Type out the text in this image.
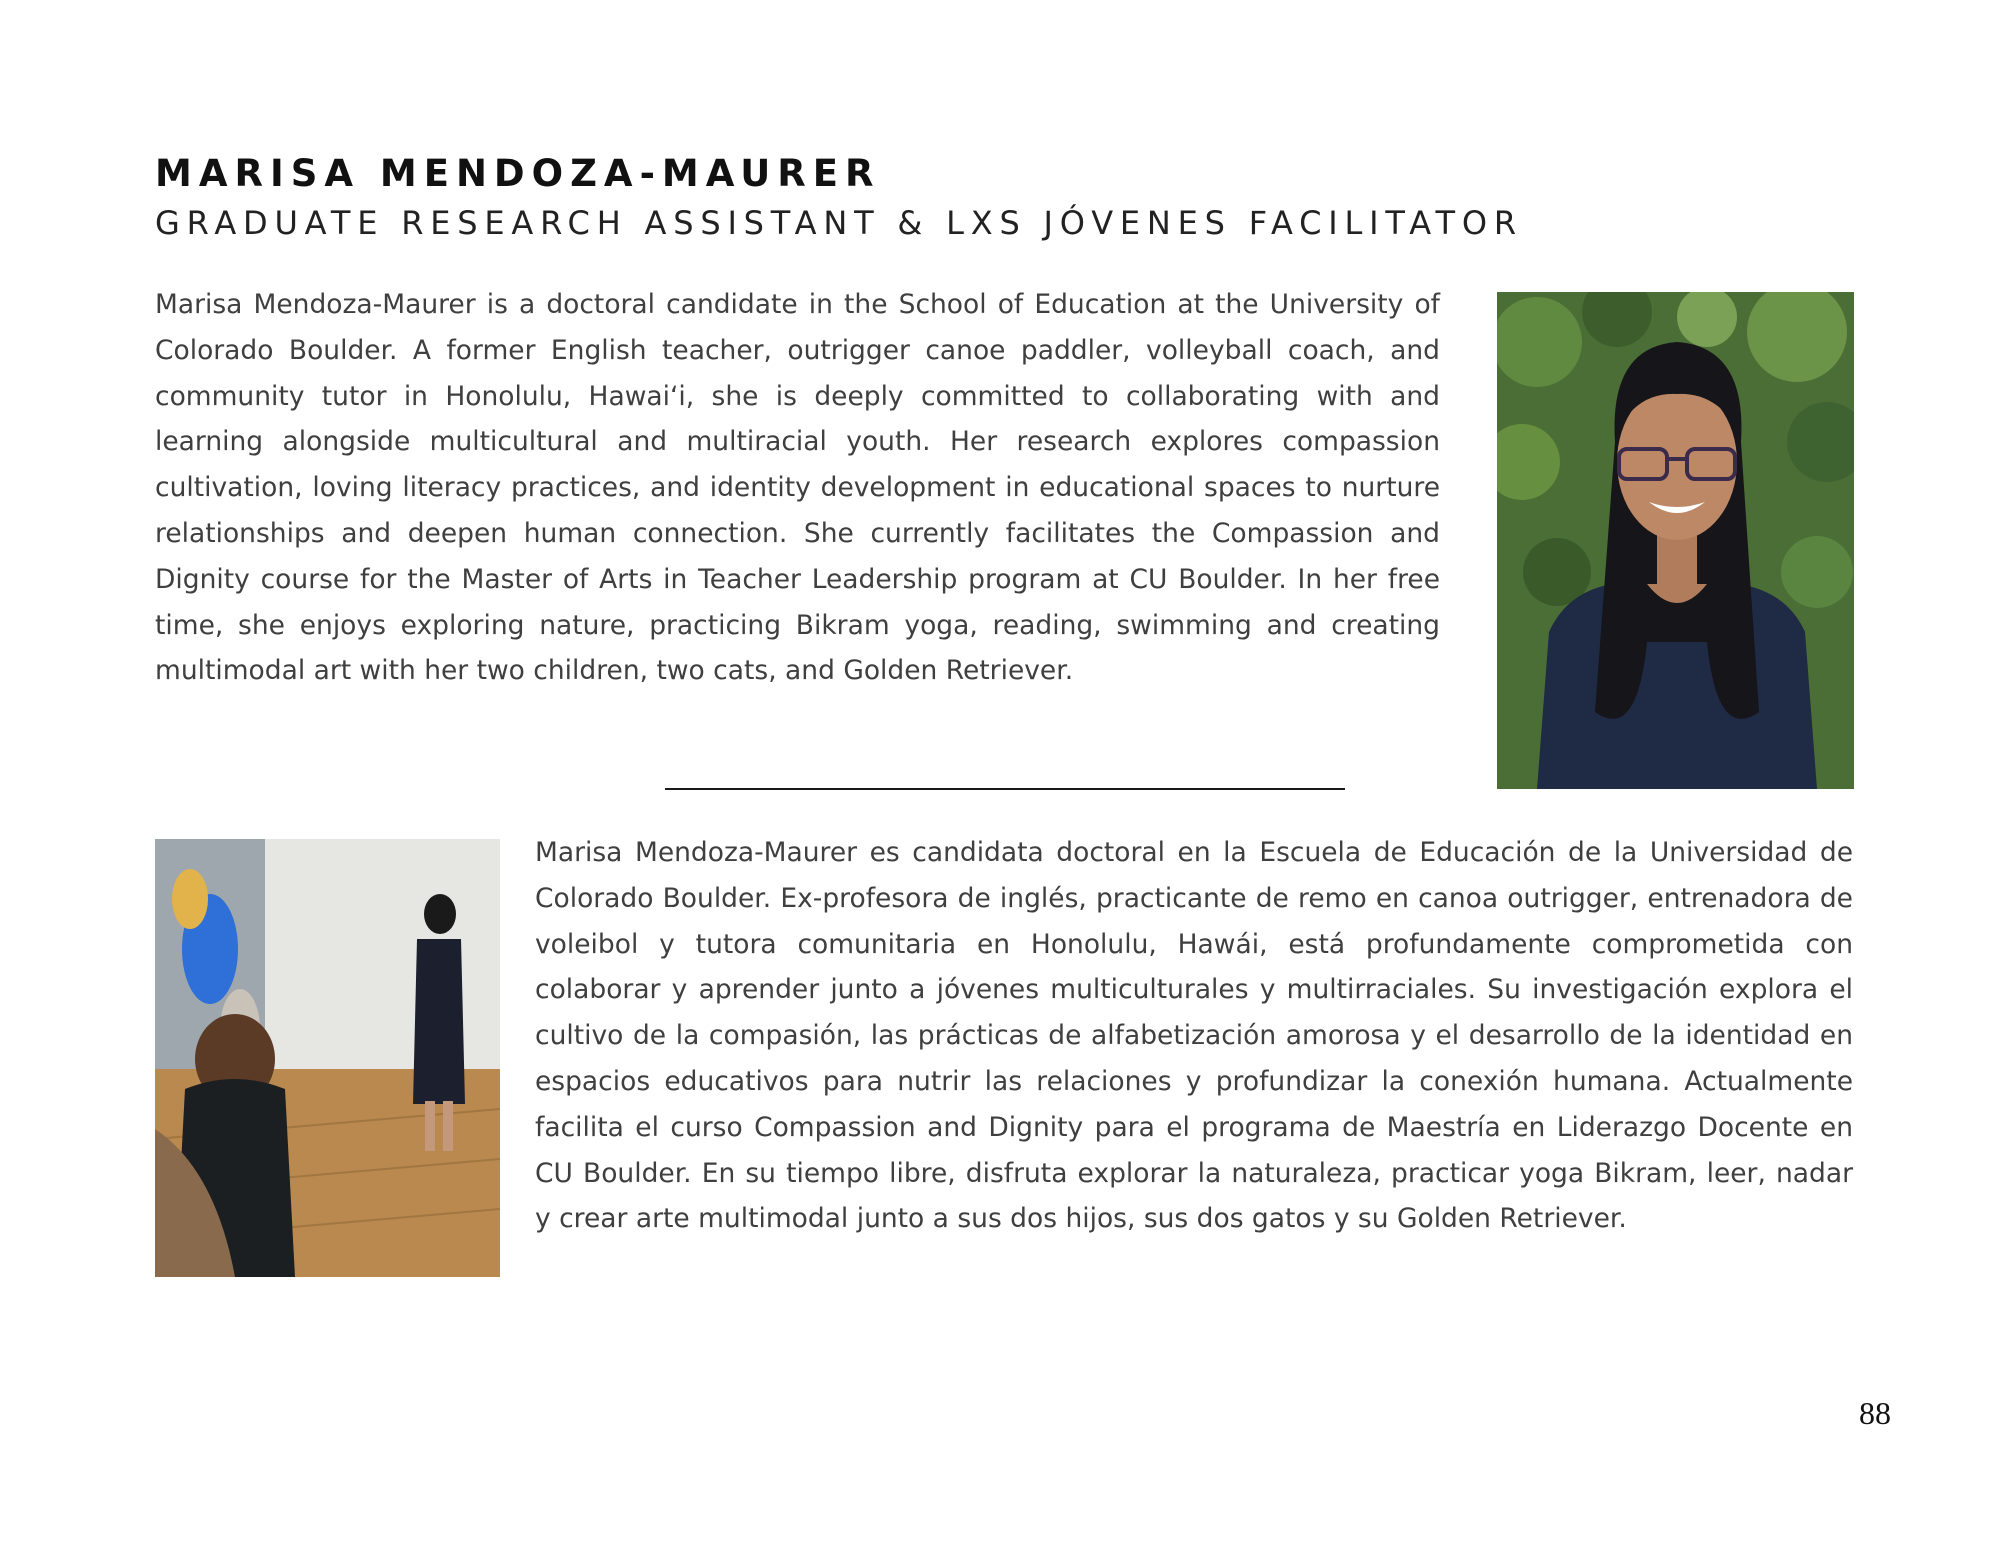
MARISA MENDOZA-MAURER
GRADUATE RESEARCH ASSISTANT & LXS JÓVENES FACILITATOR

Marisa Mendoza-Maurer is a doctoral candidate in the School of Education at the University of Colorado Boulder. A former English teacher, outrigger canoe paddler, volleyball coach, and community tutor in Honolulu, Hawaiʻi, she is deeply committed to collaborating with and learning alongside multicultural and multiracial youth. Her research explores compassion cultivation, loving literacy practices, and identity development in educational spaces to nurture relationships and deepen human connection. She currently facilitates the Compassion and Dignity course for the Master of Arts in Teacher Leadership program at CU Boulder. In her free time, she enjoys exploring nature, practicing Bikram yoga, reading, swimming and creating multimodal art with her two children, two cats, and Golden Retriever.

Marisa Mendoza-Maurer es candidata doctoral en la Escuela de Educación de la Universidad de Colorado Boulder. Ex-profesora de inglés, practicante de remo en canoa outrigger, entrenadora de voleibol y tutora comunitaria en Honolulu, Hawái, está profundamente comprometida con colaborar y aprender junto a jóvenes multiculturales y multirraciales. Su investigación explora el cultivo de la compasión, las prácticas de alfabetización amorosa y el desarrollo de la identidad en espacios educativos para nutrir las relaciones y profundizar la conexión humana. Actualmente facilita el curso Compassion and Dignity para el programa de Maestría en Liderazgo Docente en CU Boulder. En su tiempo libre, disfruta explorar la naturaleza, practicar yoga Bikram, leer, nadar y crear arte multimodal junto a sus dos hijos, sus dos gatos y su Golden Retriever.

88
